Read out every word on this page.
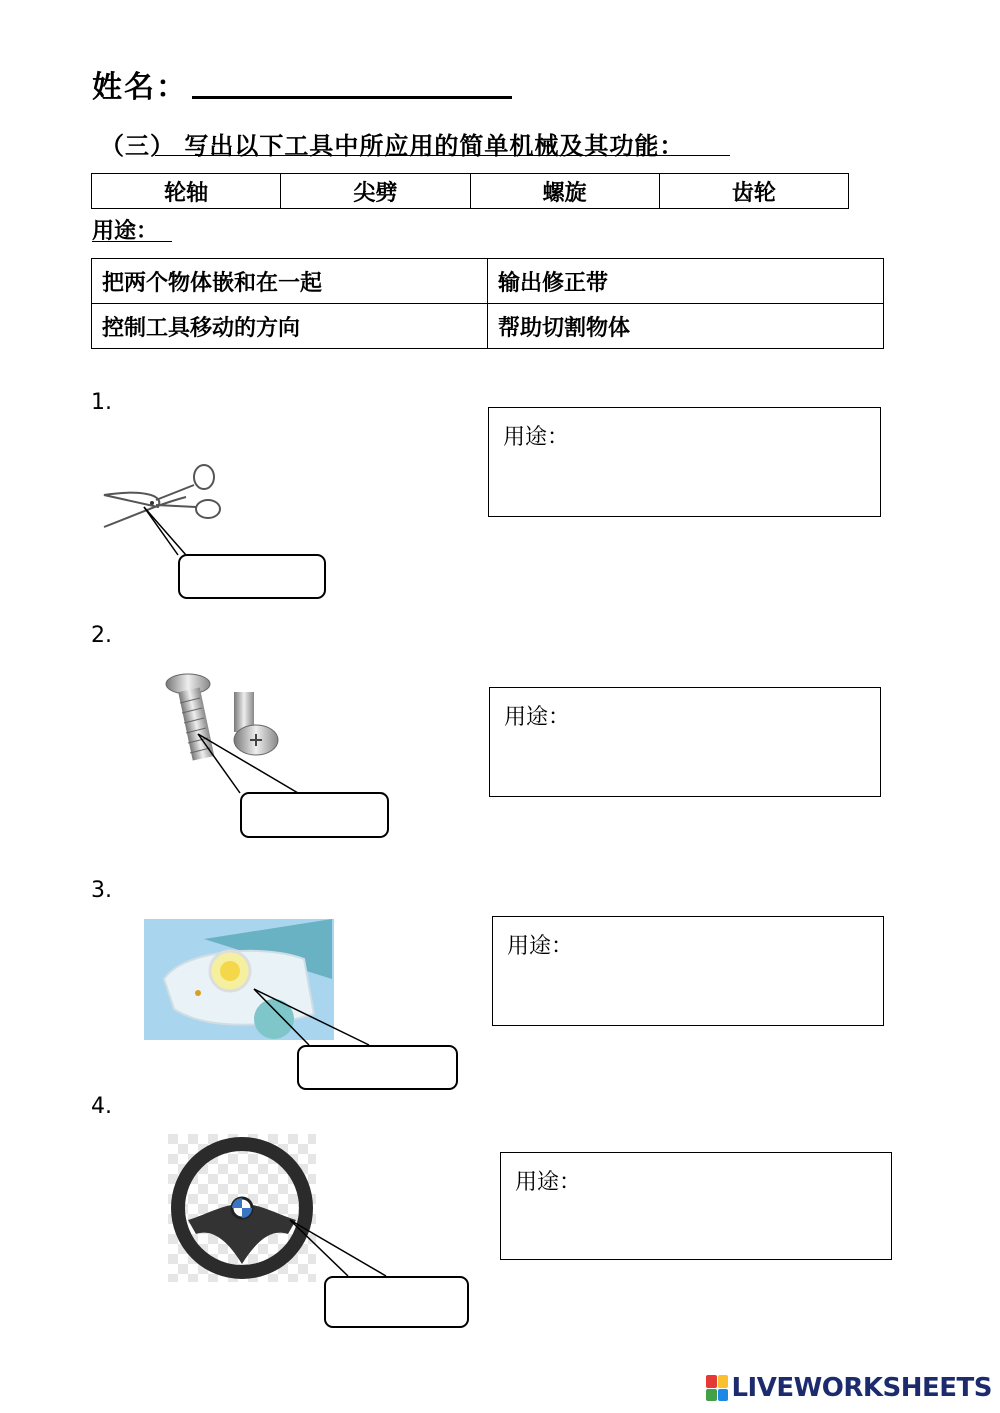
姓名：
（三） 写出以下工具中所应用的简单机械及其功能：
轮轴	尖劈	螺旋	齿轮
用途：
把两个物体嵌和在一起	输出修正带
控制工具移动的方向	帮助切割物体
1.
用途：
2.
用途：
3.
用途：
4.
用途：
LIVEWORKSHEETS
